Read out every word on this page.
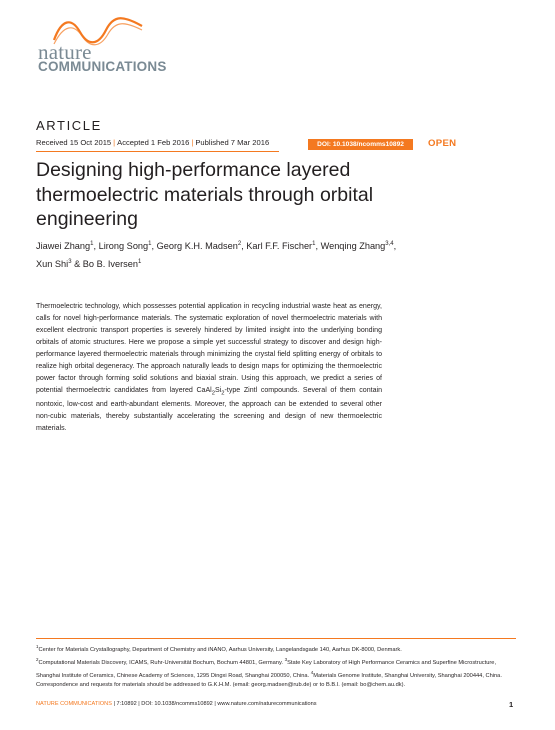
nature
COMMUNICATIONS
ARTICLE
Received 15 Oct 2015 | Accepted 1 Feb 2016 | Published 7 Mar 2016	DOI: 10.1038/ncomms10892	OPEN
Designing high-performance layered thermoelectric materials through orbital engineering
Jiawei Zhang$^1$, Lirong Song$^1$, Georg K.H. Madsen$^2$, Karl F.F. Fischer$^1$, Wenqing Zhang$^{3,4}$,
Xun Shi$^3$ & Bo B. Iversen$^1$

Thermoelectric technology, which possesses potential application in recycling industrial waste heat as energy, calls for novel high-performance materials. The systematic exploration of novel thermoelectric materials with excellent electronic transport properties is severely hindered by limited insight into the underlying bonding orbitals of atomic structures. Here we propose a simple yet successful strategy to discover and design high-performance layered thermoelectric materials through minimizing the crystal field splitting energy of orbitals to realize high orbital degeneracy. The approach naturally leads to design maps for optimizing the thermoelectric power factor through forming solid solutions and biaxial strain. Using this approach, we predict a series of potential thermoelectric candidates from layered $CaAl_2Si_2$-type Zintl compounds. Several of them contain nontoxic, low-cost and earth-abundant elements. Moreover, the approach can be extended to several other non-cubic materials, thereby substantially accelerating the screening and design of new thermoelectric materials.

$^1$Center for Materials Crystallography, Department of Chemistry and iNANO, Aarhus University, Langelandsgade 140, Aarhus DK-8000, Denmark.
$^2$Computational Materials Discovery, ICAMS, Ruhr-Universität Bochum, Bochum 44801, Germany. $^3$State Key Laboratory of High Performance Ceramics and Superfine Microstructure, Shanghai Institute of Ceramics, Chinese Academy of Sciences, 1295 Dingxi Road, Shanghai 200050, China. $^4$Materials Genome Institute, Shanghai University, Shanghai 200444, China. Correspondence and requests for materials should be addressed to G.K.H.M. (email: georg.madsen@rub.de) or to B.B.I. (email: bo@chem.au.dk).
NATURE COMMUNICATIONS | 7:10892 | DOI: 10.1038/ncomms10892 | www.nature.com/naturecommunications	1
